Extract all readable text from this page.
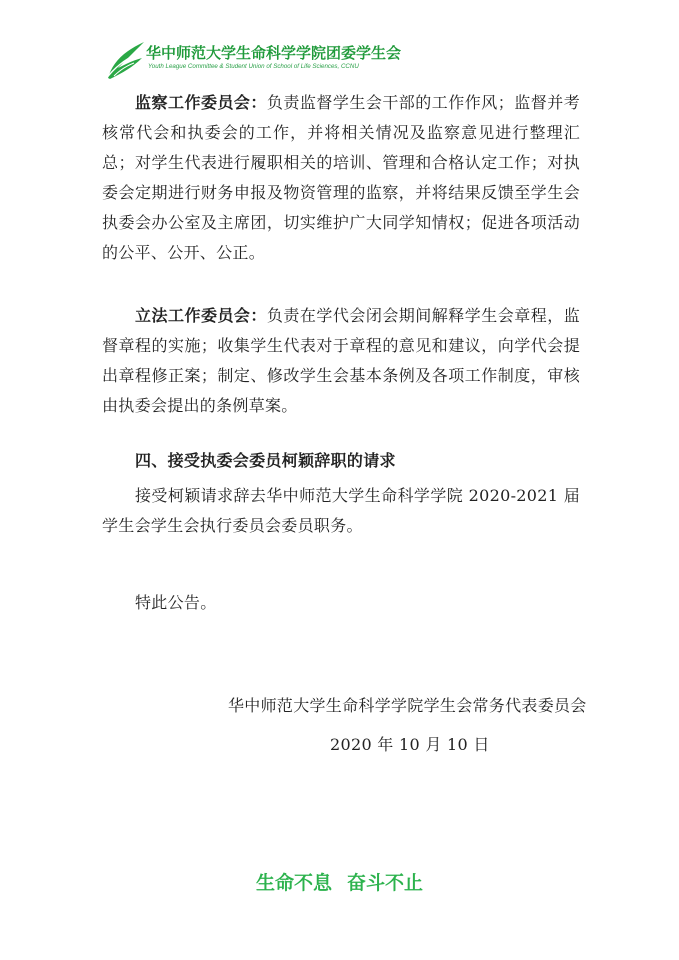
华中师范大学生命科学学院团委学生会
Youth League Committee & Student Union of School of Life Sciences, CCNU

监察工作委员会：负责监督学生会干部的工作作风；监督并考核常代会和执委会的工作，并将相关情况及监察意见进行整理汇总；对学生代表进行履职相关的培训、管理和合格认定工作；对执委会定期进行财务申报及物资管理的监察，并将结果反馈至学生会执委会办公室及主席团，切实维护广大同学知情权；促进各项活动的公平、公开、公正。

立法工作委员会：负责在学代会闭会期间解释学生会章程，监督章程的实施；收集学生代表对于章程的意见和建议，向学代会提出章程修正案；制定、修改学生会基本条例及各项工作制度，审核由执委会提出的条例草案。

四、接受执委会委员柯颖辞职的请求

接受柯颖请求辞去华中师范大学生命科学学院 2020-2021 届学生会学生会执行委员会委员职务。

特此公告。
华中师范大学生命科学学院学生会常务代表委员会
2020 年 10 月 10 日
生命不息 奋斗不止
